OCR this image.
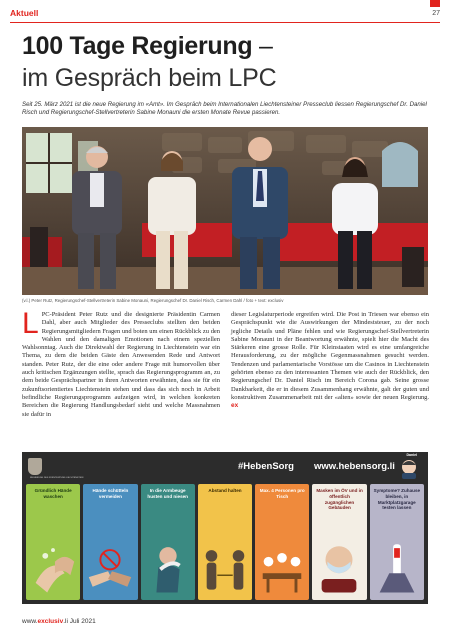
Aktuell	27
100 Tage Regierung –
im Gespräch beim LPC
Seit 25. März 2021 ist die neue Regierung im «Amt». Im Gespräch beim Internationalen Liechtensteiner Presseclub liessen Regierungschef Dr. Daniel Risch und Regierungschef-Stellvertreterin Sabine Monauni die ersten Monate Revue passieren.
(v.l.) Peter Rutz, Regierungschef-Stellvertreterin Sabine Monauni, Regierungschef Dr. Daniel Risch, Carmen Dahl / foto + text: exclusiv
LPC-Präsident Peter Rutz und die designierte Präsidentin Carmen Dahl, aber auch Mitglieder des Presseclubs stellten den beiden Regierungsmitgliedern Fragen und boten um einen Rückblick zu den Wahlen und den damaligen Emotionen nach einem speziellen Wahlsonntag. Auch die Direktwahl der Regierung in Liechtenstein war ein Thema, zu dem die beiden Gäste den Anwesenden Rede und Antwort standen. Peter Rutz, der die eine oder andere Frage mit humorvollen über auch kritischen Ergänzungen stellte, sprach das Regierungsprogramm an, zu dem beide Gesprächspartner in ihren Antworten erwähnten, dass sie für ein zukunftsorientiertes Liechtenstein stehen und dass das sich noch in Arbeit befindliche Regierungsprogramm aufzeigen wird, in welchen konkreten Bereichen die Regierung Handlungsbedarf sieht und welche Massnahmen sie dafür in
dieser Legislaturperiode ergreifen wird. Die Post in Triesen war ebenso ein Gesprächspunkt wie die Auswirkungen der Mindeststeuer, zu der noch jegliche Details und Pläne fehlen und wie Regierungschef-Stellvertreterin Sabine Monauni in der Beantwortung erwähnte, spielt hier die Macht des Stärkeren eine grosse Rolle. Für Kleinstaaten wird es eine umfangreiche Herausforderung, zu der mögliche Gegenmassnahmen gesucht werden. Tendenzen und parlamentarische Vorstösse um die Casinos in Liechtenstein gehörten ebenso zu den interessanten Themen wie auch der Rückblick, den Regierungschef Dr. Daniel Risch im Bereich Corona gab. Seine grosse Dankbarkeit, die er in diesem Zusammenhang erwähnte, galt der guten und konstruktiven Zusammenarbeit mit der «alten» sowie der neuen Regierung. ex
REGIERUNG DES FÜRSTENTUMS LIECHTENSTEIN
#HebenSorg www.hebensorg.li
Daniel
Gründlich Hände waschen
Hände schütteln vermeiden
In die Armbeuge husten und niesen
Abstand halten	Max. 4 Personen pro Tisch
Masken im ÖV und in öffentlich zugänglichen Gebäuden
Symptome? Zuhause bleiben, in Marktplatzgarage testen lassen
www.exclusiv.li Juli 2021
